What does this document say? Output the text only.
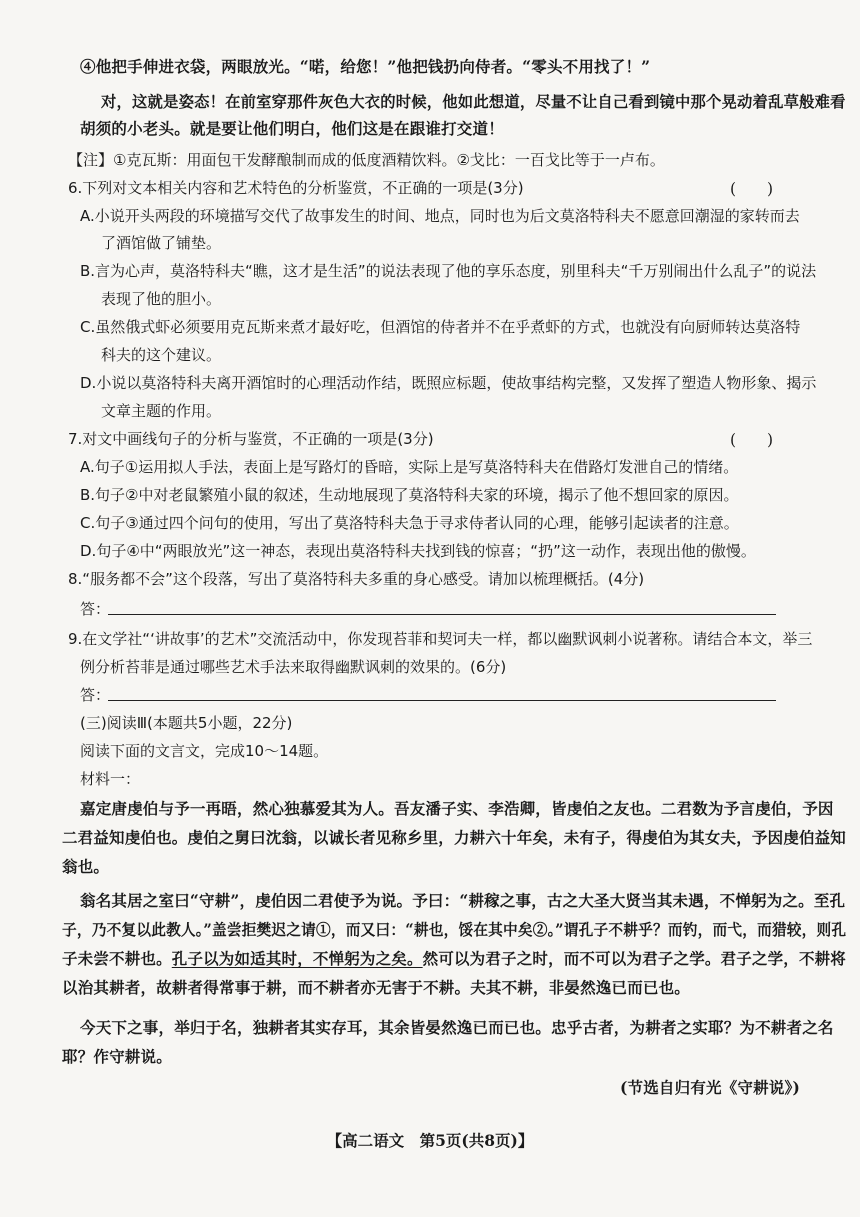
④他把手伸进衣袋，两眼放光。“喏，给您！”他把钱扔向侍者。“零头不用找了！”
对，这就是姿态！在前室穿那件灰色大衣的时候，他如此想道，尽量不让自己看到镜中那个晃动着乱草般难看
胡须的小老头。就是要让他们明白，他们这是在跟谁打交道！
【注】①克瓦斯：用面包干发酵酿制而成的低度酒精饮料。②戈比：一百戈比等于一卢布。
6.下列对文本相关内容和艺术特色的分析鉴赏，不正确的一项是(3分)	(　　)
A.小说开头两段的环境描写交代了故事发生的时间、地点，同时也为后文莫洛特科夫不愿意回潮湿的家转而去
了酒馆做了铺垫。
B.言为心声，莫洛特科夫“瞧，这才是生活”的说法表现了他的享乐态度，别里科夫“千万别闹出什么乱子”的说法
表现了他的胆小。
C.虽然俄式虾必须要用克瓦斯来煮才最好吃，但酒馆的侍者并不在乎煮虾的方式，也就没有向厨师转达莫洛特
科夫的这个建议。
D.小说以莫洛特科夫离开酒馆时的心理活动作结，既照应标题，使故事结构完整，又发挥了塑造人物形象、揭示
文章主题的作用。
7.对文中画线句子的分析与鉴赏，不正确的一项是(3分)	(　　)
A.句子①运用拟人手法，表面上是写路灯的昏暗，实际上是写莫洛特科夫在借路灯发泄自己的情绪。
B.句子②中对老鼠繁殖小鼠的叙述，生动地展现了莫洛特科夫家的环境，揭示了他不想回家的原因。
C.句子③通过四个问句的使用，写出了莫洛特科夫急于寻求侍者认同的心理，能够引起读者的注意。
D.句子④中“两眼放光”这一神态，表现出莫洛特科夫找到钱的惊喜；“扔”这一动作，表现出他的傲慢。
8.“服务都不会”这个段落，写出了莫洛特科夫多重的身心感受。请加以梳理概括。(4分)
答：
9.在文学社“‘讲故事’的艺术”交流活动中，你发现苔菲和契诃夫一样，都以幽默讽刺小说著称。请结合本文，举三
例分析苔菲是通过哪些艺术手法来取得幽默讽刺的效果的。(6分)
答：
(三)阅读Ⅲ(本题共5小题，22分)
阅读下面的文言文，完成10～14题。
材料一：
嘉定唐虔伯与予一再晤，然心独慕爱其为人。吾友潘子实、李浩卿，皆虔伯之友也。二君数为予言虔伯，予因
二君益知虔伯也。虔伯之舅曰沈翁，以诚长者见称乡里，力耕六十年矣，未有子，得虔伯为其女夫，予因虔伯益知
翁也。
翁名其居之室曰“守耕”，虔伯因二君使予为说。予曰：“耕稼之事，古之大圣大贤当其未遇，不惮躬为之。至孔
子，乃不复以此教人。”盖尝拒樊迟之请①，而又曰：“耕也，馁在其中矣②。”谓孔子不耕乎？而钓，而弋，而猎较，则孔
子未尝不耕也。孔子以为如适其时，不惮躬为之矣。然可以为君子之时，而不可以为君子之学。君子之学，不耕将
以治其耕者，故耕者得常事于耕，而不耕者亦无害于不耕。夫其不耕，非晏然逸已而已也。
今天下之事，举归于名，独耕者其实存耳，其余皆晏然逸已而已也。忠乎古者，为耕者之实耶？为不耕者之名
耶？作守耕说。
(节选自归有光《守耕说》)
【高二语文　第5页(共8页)】
